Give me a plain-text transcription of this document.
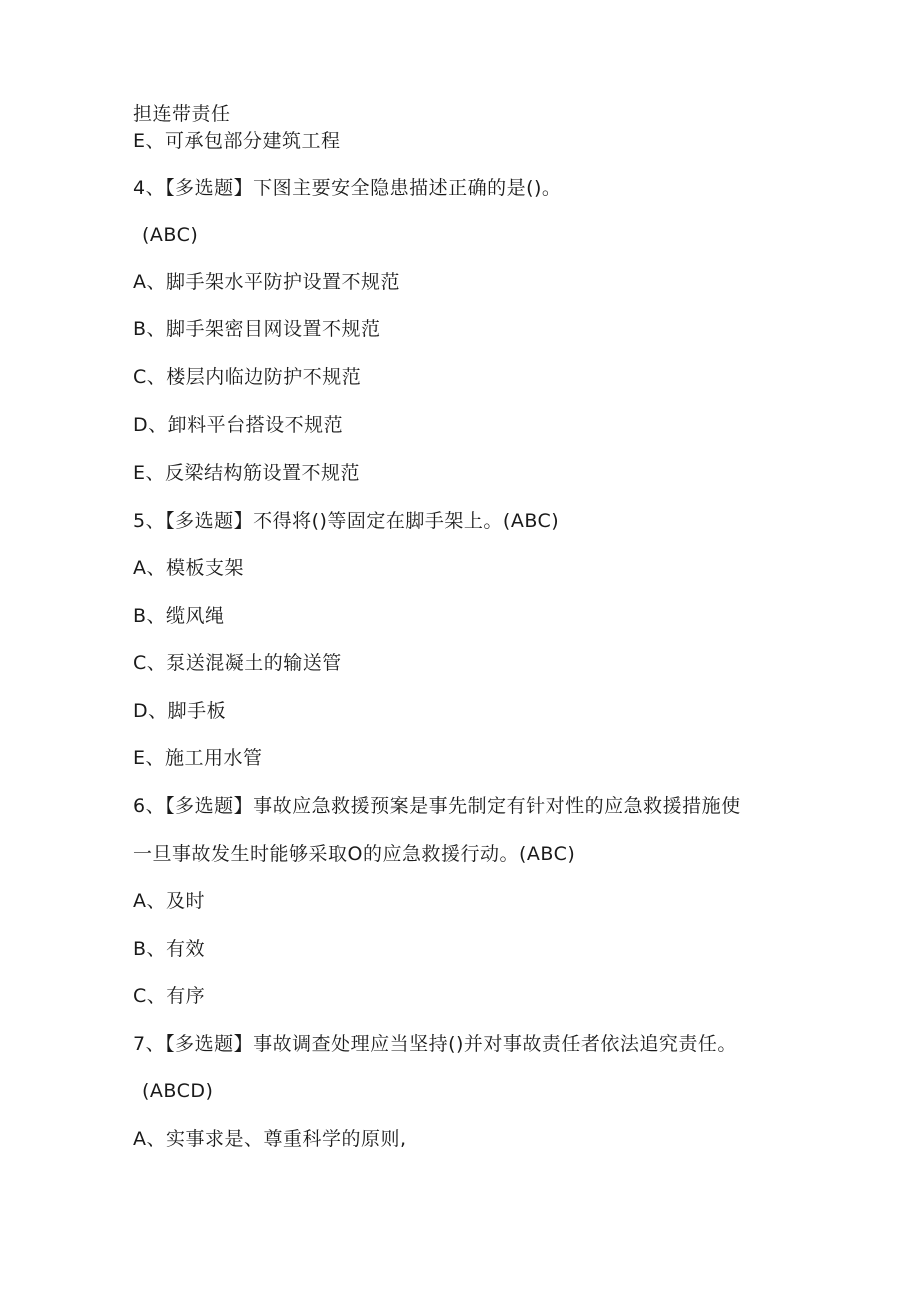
担连带责任
E、可承包部分建筑工程
4、【多选题】下图主要安全隐患描述正确的是()。
(ABC)
A、脚手架水平防护设置不规范
B、脚手架密目网设置不规范
C、楼层内临边防护不规范
D、卸料平台搭设不规范
E、反梁结构筋设置不规范
5、【多选题】不得将()等固定在脚手架上。(ABC)
A、模板支架
B、缆风绳
C、泵送混凝土的输送管
D、脚手板
E、施工用水管
6、【多选题】事故应急救援预案是事先制定有针对性的应急救援措施使
一旦事故发生时能够采取O的应急救援行动。(ABC)
A、及时
B、有效
C、有序
7、【多选题】事故调查处理应当坚持()并对事故责任者依法追究责任。
(ABCD)
A、实事求是、尊重科学的原则,
